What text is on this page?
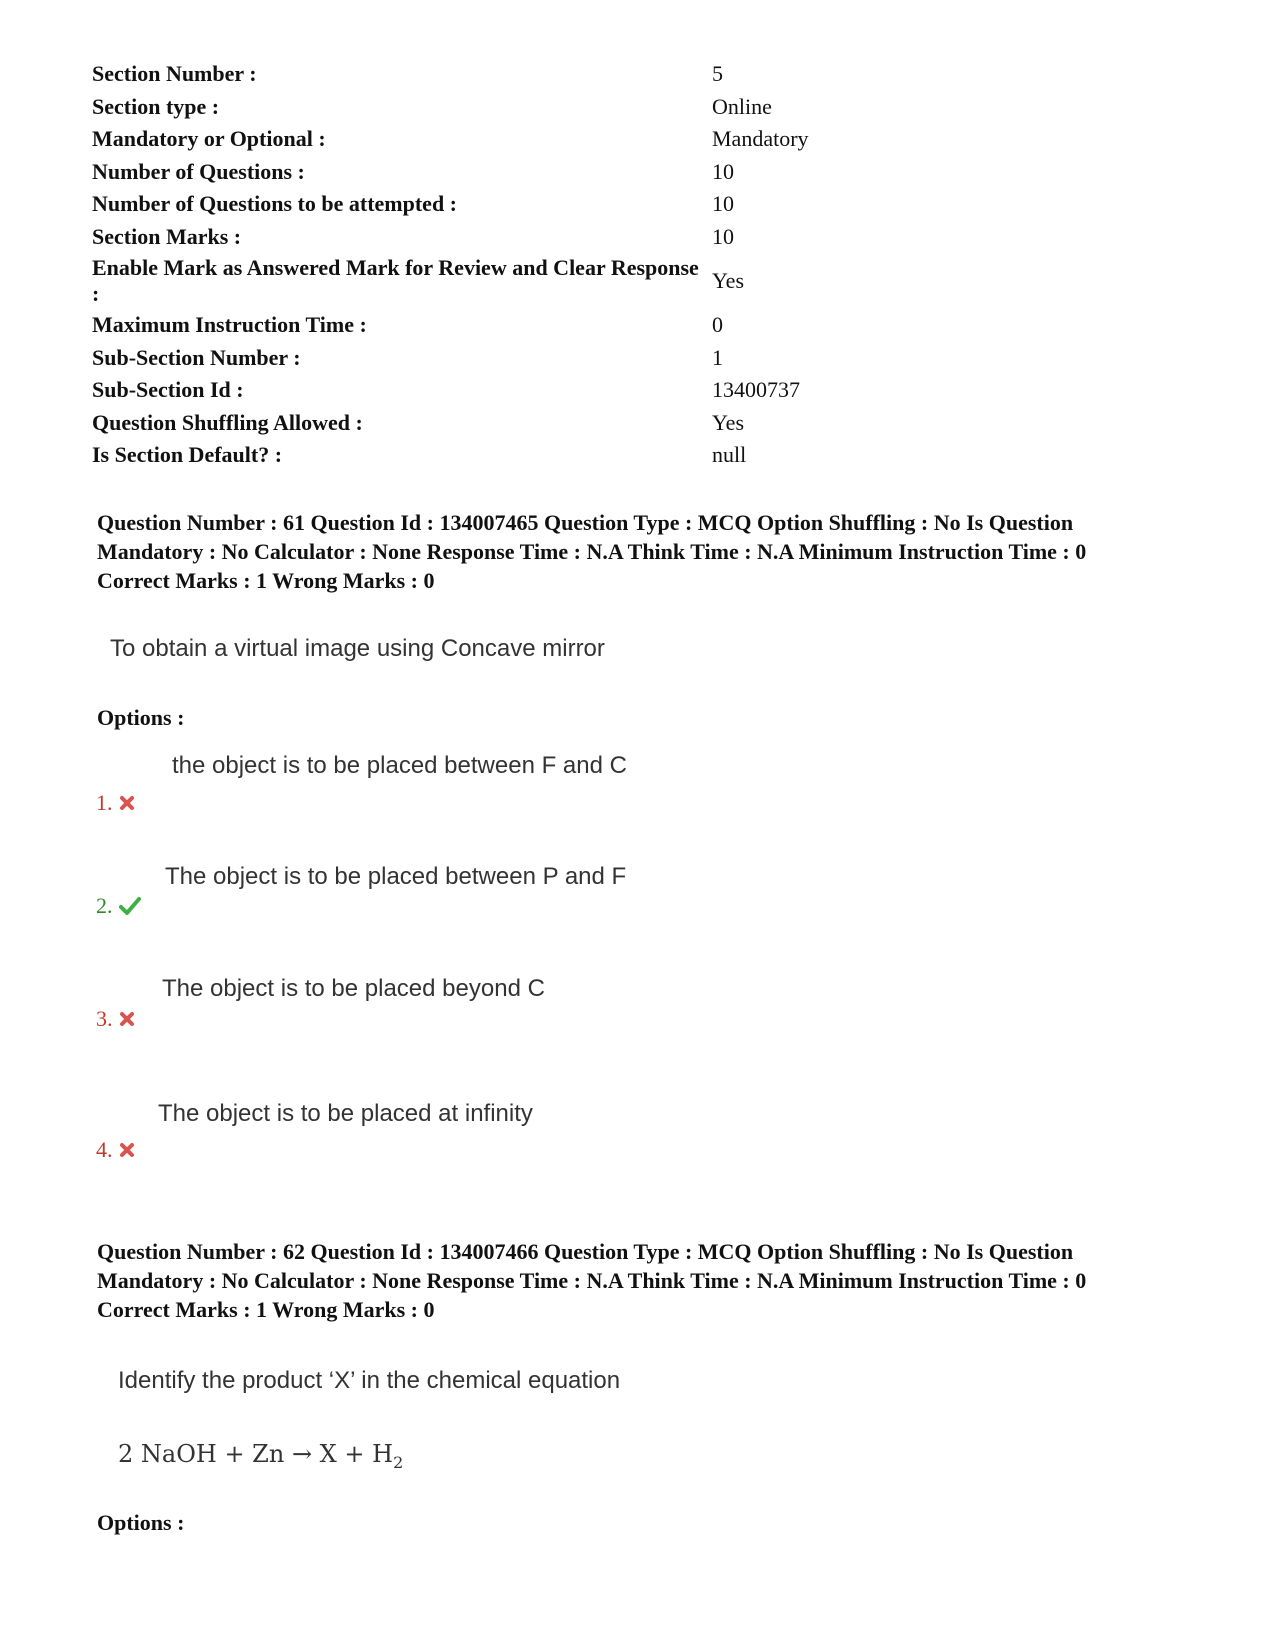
Section Number :	5
Section type :	Online
Mandatory or Optional :	Mandatory
Number of Questions :	10
Number of Questions to be attempted :	10
Section Marks :	10
Enable Mark as Answered Mark for Review and Clear Response :	Yes
Maximum Instruction Time :	0
Sub-Section Number :	1
Sub-Section Id :	13400737
Question Shuffling Allowed :	Yes
Is Section Default? :	null
Question Number : 61 Question Id : 134007465 Question Type : MCQ Option Shuffling : No Is Question
Mandatory : No Calculator : None Response Time : N.A Think Time : N.A Minimum Instruction Time : 0
Correct Marks : 1 Wrong Marks : 0
To obtain a virtual image using Concave mirror
Options :
the object is to be placed between F and C
1.
The object is to be placed between P and F
2.
The object is to be placed beyond C
3.
The object is to be placed at infinity
4.
Question Number : 62 Question Id : 134007466 Question Type : MCQ Option Shuffling : No Is Question
Mandatory : No Calculator : None Response Time : N.A Think Time : N.A Minimum Instruction Time : 0
Correct Marks : 1 Wrong Marks : 0
Identify the product ‘X’ in the chemical equation
2 NaOH + $Zn \to X + H_2$
Options :
